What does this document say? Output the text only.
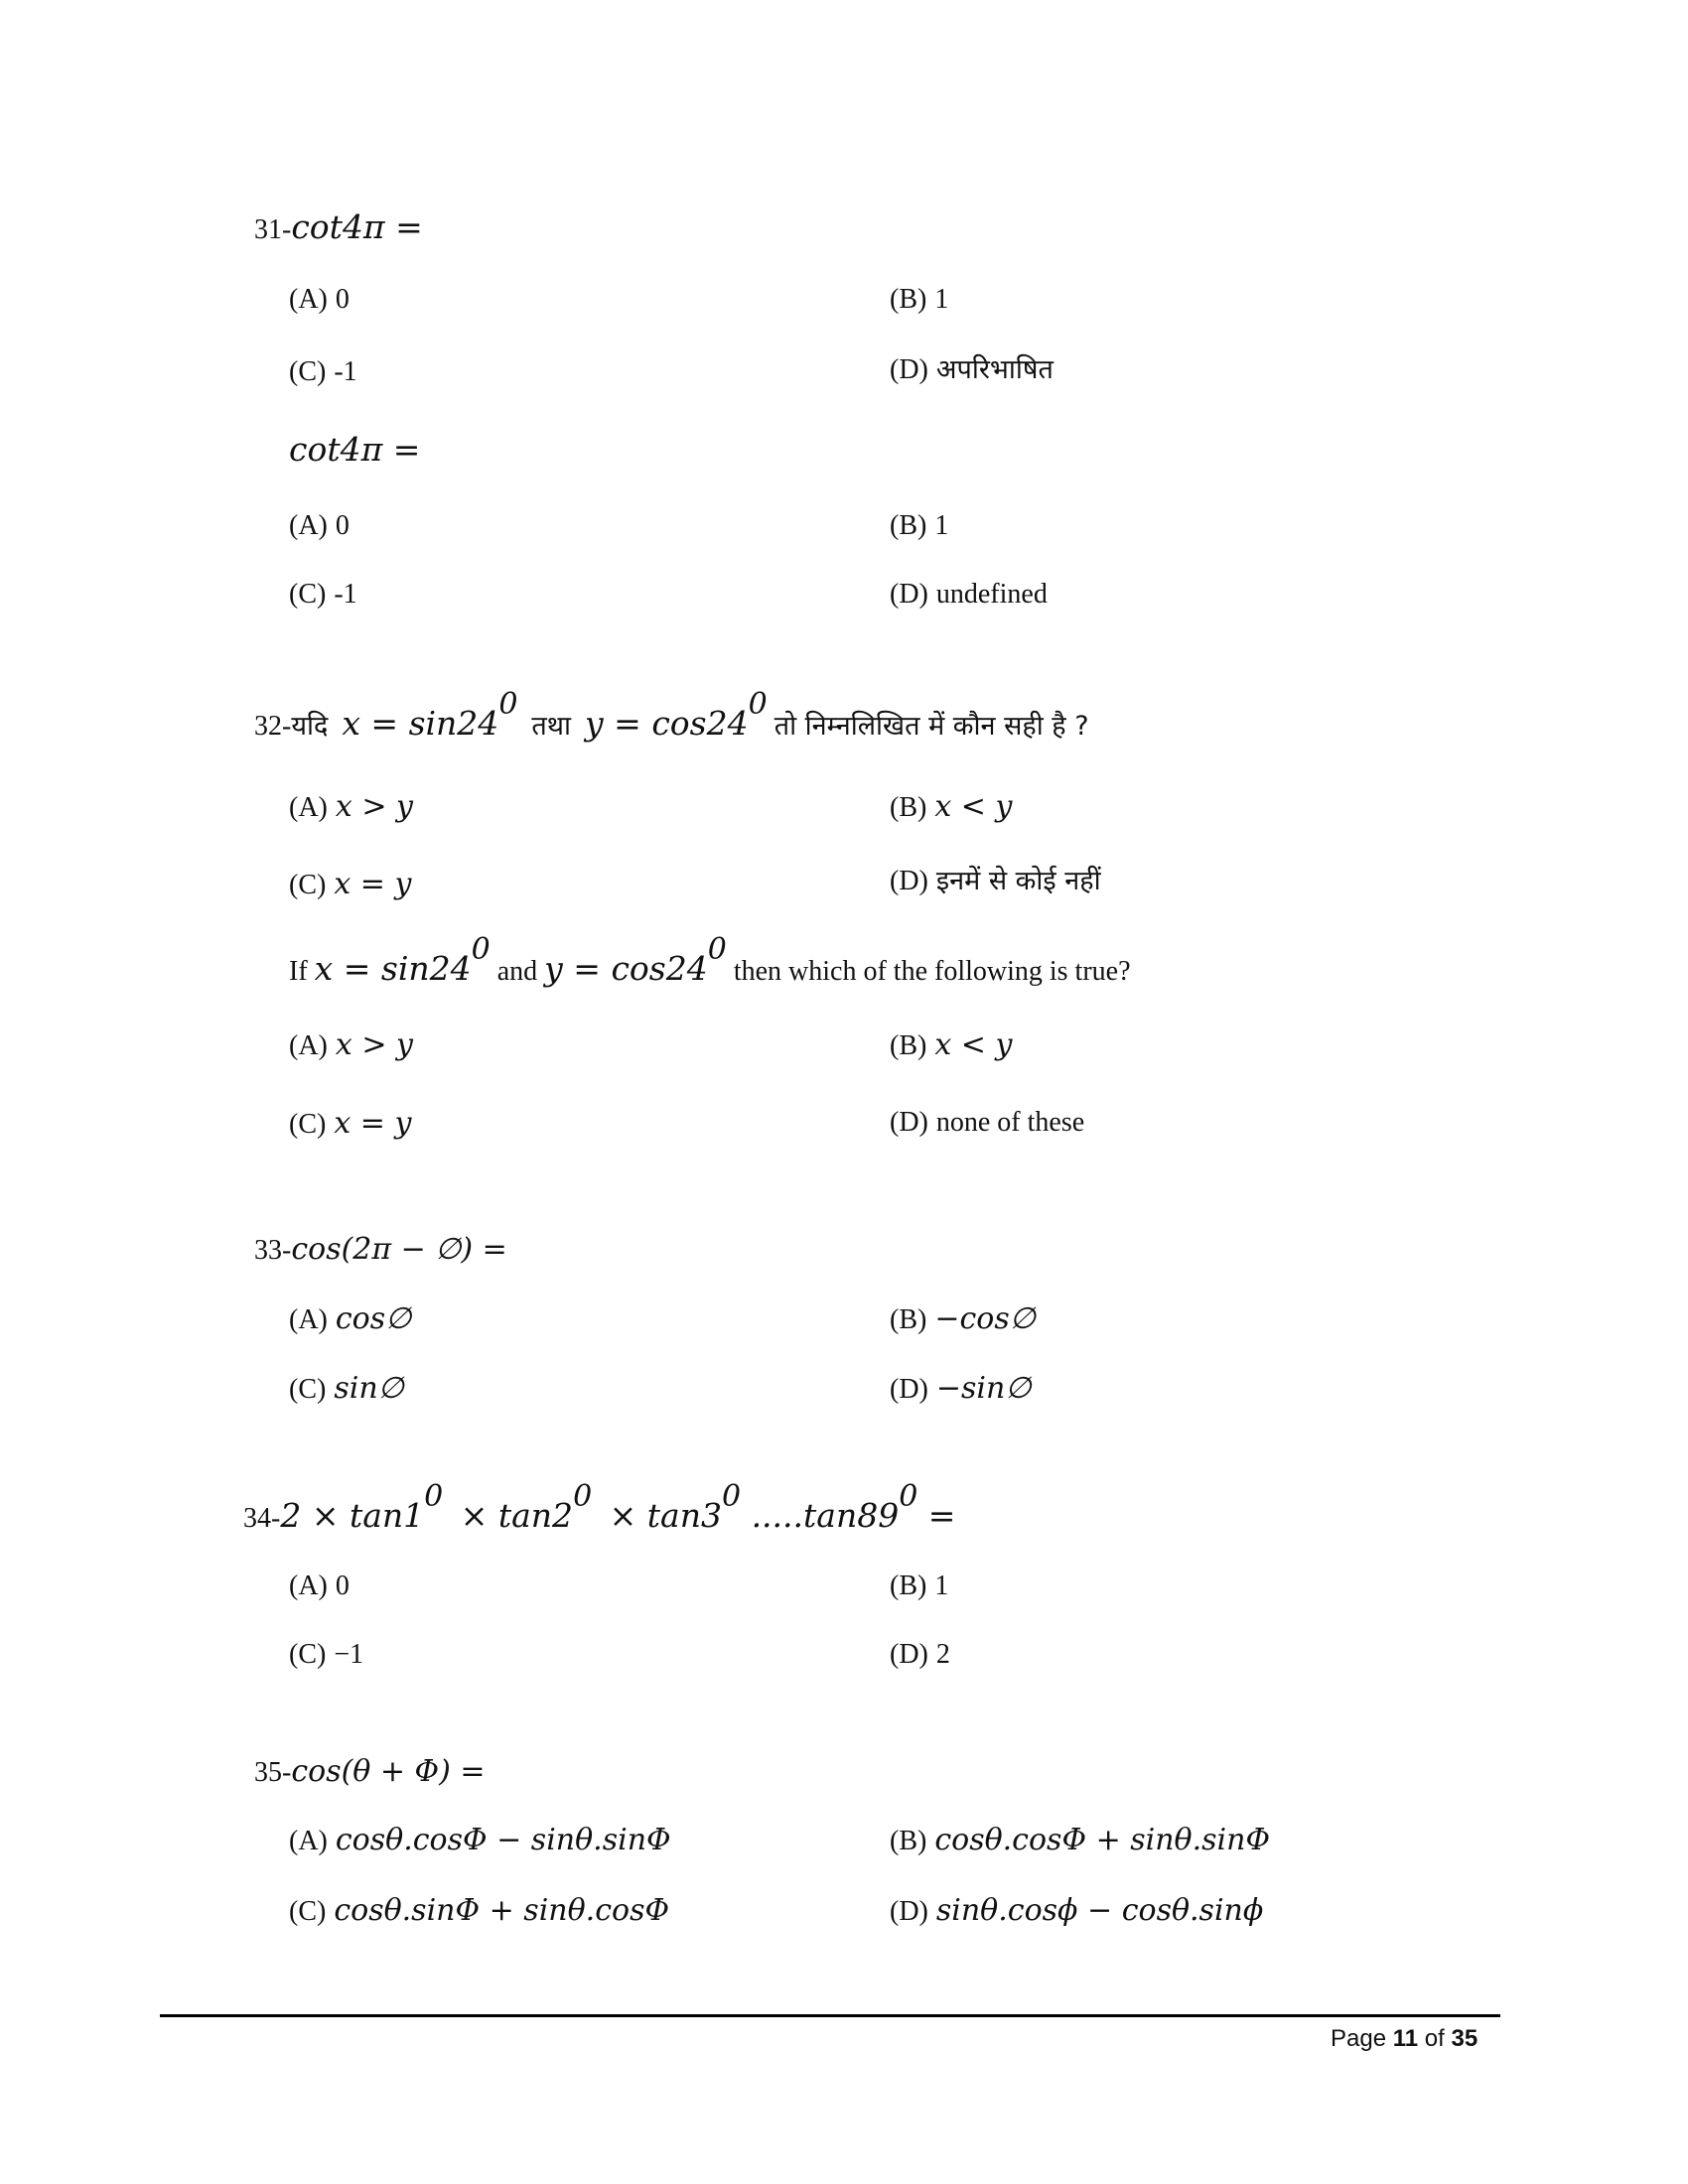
31-cot4π =
(A) 0	(B) 1
(C) -1	(D) अपरिभाषित
cot4π =
(A) 0	(B) 1
(C) -1	(D) undefined
32-यदि $x = \sin 24^0$  तथा $y = \cos 24^0$ तो निम्नलिखित में कौन सही है ?
(A) x > y	(B) x < y
(C) x = y	(D) इनमें से कोई नहीं
If $x = \sin 24^0$ and $y = \cos 24^0$ then which of the following is true?
(A) x > y	(B) x < y
(C) x = y	(D) none of these
33-cos(2π − ∅) =
(A) cos∅	(B) −cos∅
(C) sin∅	(D) −sin∅
$34-2 \times \tan 1^0 \times \tan 2^0 \times \tan 3^0$ $.....\tan 89^0$ =
(A) 0	(B) 1
(C) −1	(D) 2
35-cos(θ + Φ) =
(A) cosθ.cosΦ − sinθ.sinΦ	(B) cosθ.cosΦ + sinθ.sinΦ
(C) cosθ.sinΦ + sinθ.cosΦ	(D) sinθ.cosϕ − cosθ.sinϕ
Page 11 of 35
